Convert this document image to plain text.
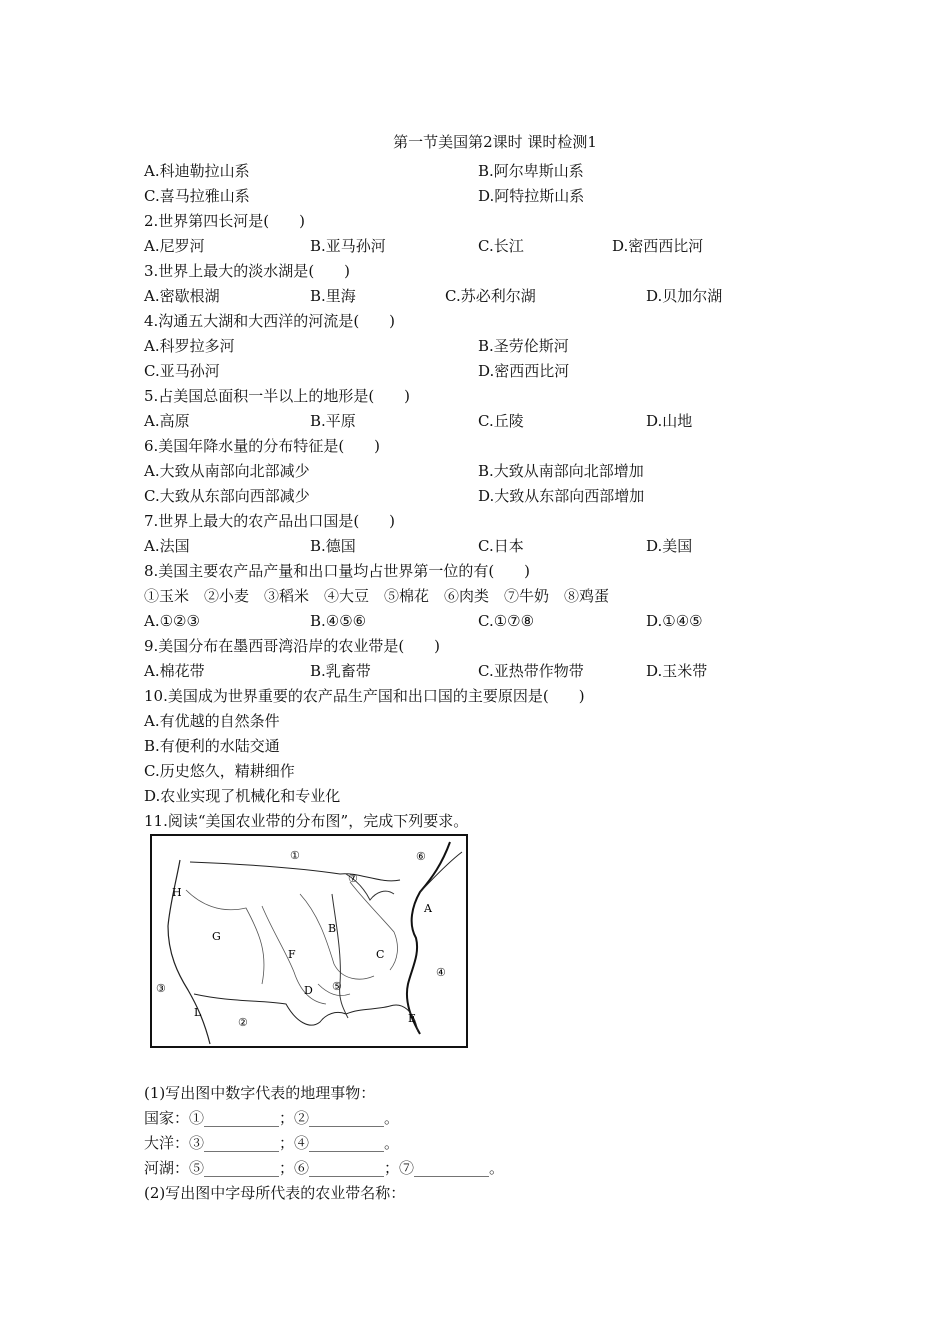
第一节美国第2课时 课时检测1
A.科迪勒拉山系	B.阿尔卑斯山系
C.喜马拉雅山系	D.阿特拉斯山系
2.世界第四长河是(　　)
A.尼罗河	B.亚马孙河	C.长江	D.密西西比河
3.世界上最大的淡水湖是(　　)
A.密歇根湖	B.里海	C.苏必利尔湖	D.贝加尔湖
4.沟通五大湖和大西洋的河流是(　　)
A.科罗拉多河	B.圣劳伦斯河
C.亚马孙河	D.密西西比河
5.占美国总面积一半以上的地形是(　　)
A.高原	B.平原	C.丘陵	D.山地
6.美国年降水量的分布特征是(　　)
A.大致从南部向北部减少	B.大致从南部向北部增加
C.大致从东部向西部减少	D.大致从东部向西部增加
7.世界上最大的农产品出口国是(　　)
A.法国	B.德国	C.日本	D.美国
8.美国主要农产品产量和出口量均占世界第一位的有(　　)
①玉米　②小麦　③稻米　④大豆　⑤棉花　⑥肉类　⑦牛奶　⑧鸡蛋
A.①②③	B.④⑤⑥	C.①⑦⑧	D.①④⑤
9.美国分布在墨西哥湾沿岸的农业带是(　　)
A.棉花带	B.乳畜带	C.亚热带作物带	D.玉米带
10.美国成为世界重要的农产品生产国和出口国的主要原因是(　　)
A.有优越的自然条件
B.有便利的水陆交通
C.历史悠久，精耕细作
D.农业实现了机械化和专业化
11.阅读“美国农业带的分布图”，完成下列要求。
①
②
③
④
⑤
⑥
⑦
A
B
C
D
E
F
G
H
L
(1)写出图中数字代表的地理事物：
国家：①__________；②__________。
大洋：③__________；④__________。
河湖：⑤__________；⑥__________；⑦__________。
(2)写出图中字母所代表的农业带名称：
